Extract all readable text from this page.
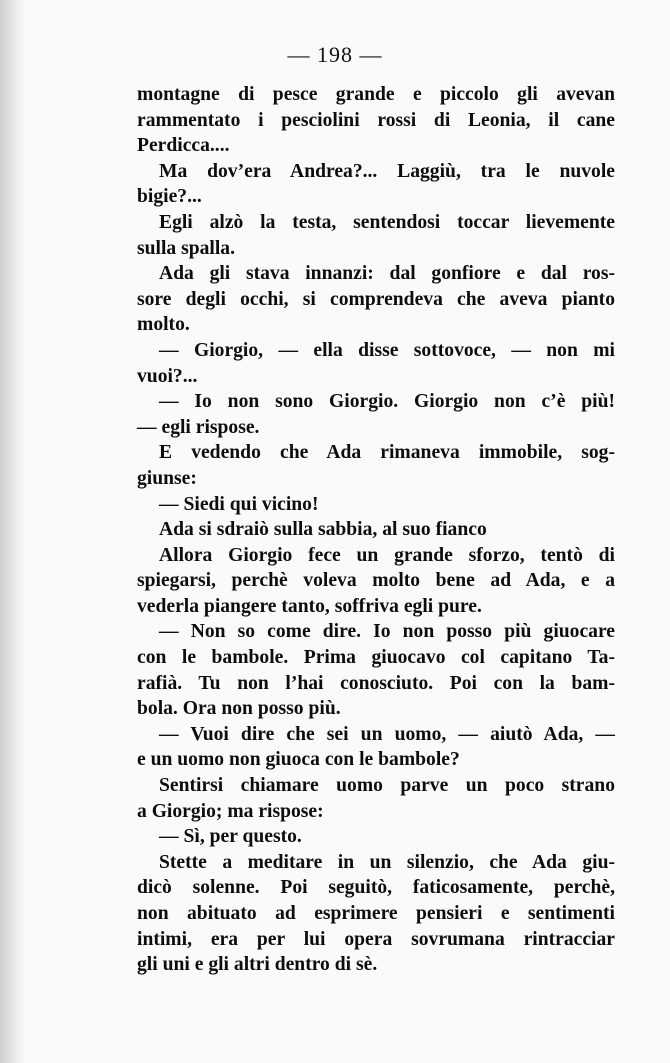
— 198 —
montagne di pesce grande e piccolo gli avevan
rammentato i pesciolini rossi di Leonia, il cane
Perdicca....
Ma dov’era Andrea?... Laggiù, tra le nuvole
bigie?...
Egli alzò la testa, sentendosi toccar lievemente
sulla spalla.
Ada gli stava innanzi: dal gonfiore e dal ros-
sore degli occhi, si comprendeva che aveva pianto
molto.
— Giorgio, — ella disse sottovoce, — non mi
vuoi?...
— Io non sono Giorgio. Giorgio non c’è più!
— egli rispose.
E vedendo che Ada rimaneva immobile, sog-
giunse:
— Siedi qui vicino!
Ada si sdraiò sulla sabbia, al suo fianco
Allora Giorgio fece un grande sforzo, tentò di
spiegarsi, perchè voleva molto bene ad Ada, e a
vederla piangere tanto, soffriva egli pure.
— Non so come dire. Io non posso più giuocare
con le bambole. Prima giuocavo col capitano Ta-
rafià. Tu non l’hai conosciuto. Poi con la bam-
bola. Ora non posso più.
— Vuoi dire che sei un uomo, — aiutò Ada, —
e un uomo non giuoca con le bambole?
Sentirsi chiamare uomo parve un poco strano
a Giorgio; ma rispose:
— Sì, per questo.
Stette a meditare in un silenzio, che Ada giu-
dicò solenne. Poi seguitò, faticosamente, perchè,
non abituato ad esprimere pensieri e sentimenti
intimi, era per lui opera sovrumana rintracciar
gli uni e gli altri dentro di sè.
